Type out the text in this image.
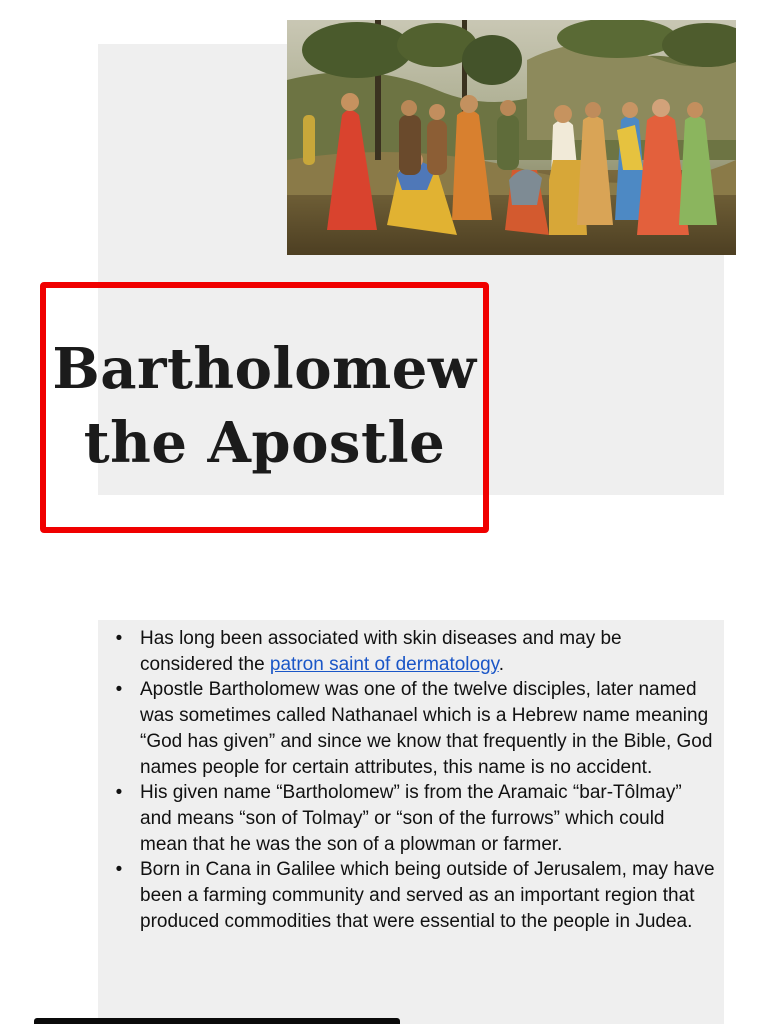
Bartholomew
the Apostle
• Has long been associated with skin diseases and may be considered the patron saint of dermatology.
• Apostle Bartholomew was one of the twelve disciples, later named was sometimes called Nathanael which is a Hebrew name meaning “God has given” and since we know that frequently in the Bible, God names people for certain attributes, this name is no accident.
• His given name “Bartholomew” is from the Aramaic “bar-Tôlmay” and means “son of Tolmay” or “son of the furrows” which could mean that he was the son of a plowman or farmer.
• Born in Cana in Galilee which being outside of Jerusalem, may have been a farming community and served as an important region that produced commodities that were essential to the people in Judea.
